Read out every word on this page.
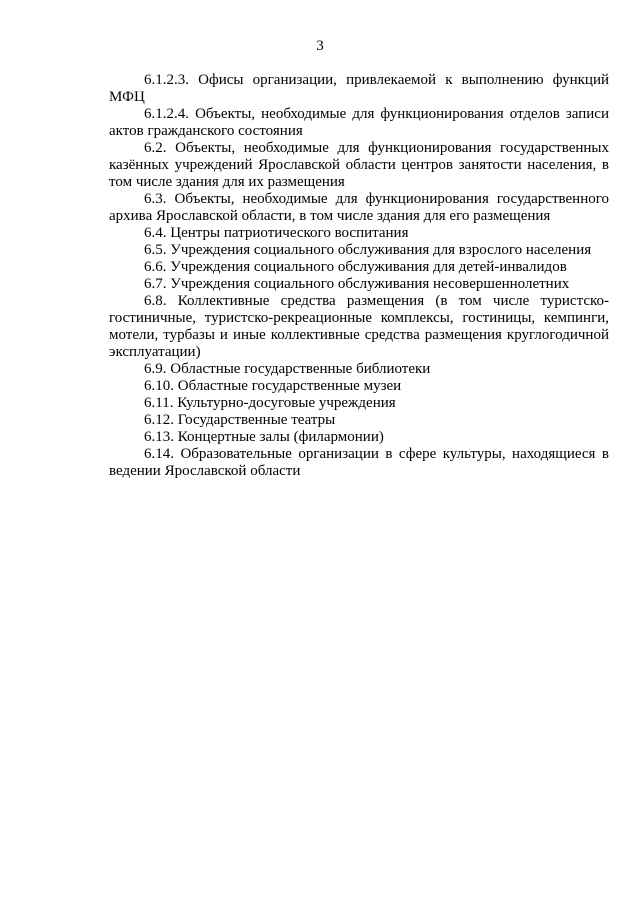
3

6.1.2.3. Офисы организации, привлекаемой к выполнению функций МФЦ

6.1.2.4. Объекты, необходимые для функционирования отделов записи актов гражданского состояния

6.2. Объекты, необходимые для функционирования государственных казённых учреждений Ярославской области центров занятости населения, в том числе здания для их размещения

6.3. Объекты, необходимые для функционирования государственного архива Ярославской области, в том числе здания для его размещения

6.4. Центры патриотического воспитания

6.5. Учреждения социального обслуживания для взрослого населения

6.6. Учреждения социального обслуживания для детей-инвалидов

6.7. Учреждения социального обслуживания несовершеннолетних

6.8. Коллективные средства размещения (в том числе туристско-гостиничные, туристско-рекреационные комплексы, гостиницы, кемпинги, мотели, турбазы и иные коллективные средства размещения круглогодичной эксплуатации)

6.9. Областные государственные библиотеки

6.10. Областные государственные музеи

6.11. Культурно-досуговые учреждения

6.12. Государственные театры

6.13. Концертные залы (филармонии)

6.14. Образовательные организации в сфере культуры, находящиеся в ведении Ярославской области
